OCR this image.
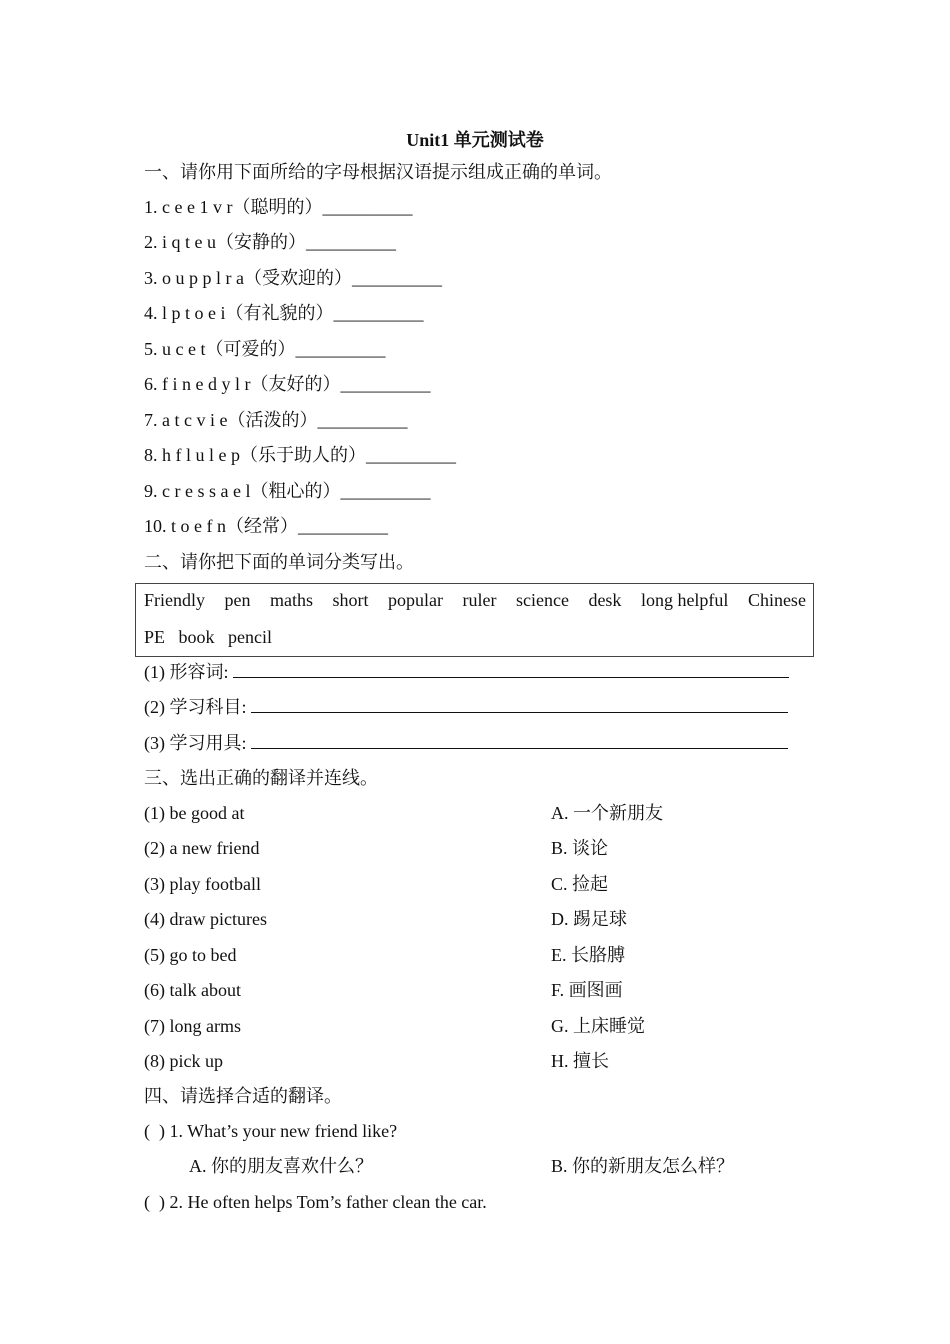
Unit1 单元测试卷
一、请你用下面所给的字母根据汉语提示组成正确的单词。
1. c e e 1 v r（聪明的）__________
2. i q t e u（安静的）__________
3. o u p p l r a（受欢迎的）__________
4. l p t o e i（有礼貌的）__________
5. u c e t（可爱的）__________
6. f i n e d y l r（友好的）__________
7. a t c v i e（活泼的）__________
8. h f l u l e p（乐于助人的）__________
9. c r e s s a e l（粗心的）__________
10. t o e f n（经常）__________
二、请你把下面的单词分类写出。
Friendly pen maths short popular ruler science desk long helpful Chinese
PE   book   pencil
(1) 形容词:
(2) 学习科目:
(3) 学习用具:
三、选出正确的翻译并连线。
(1) be good at	A. 一个新朋友
(2) a new friend	B. 谈论
(3) play football	C. 捡起
(4) draw pictures	D. 踢足球
(5) go to bed	E. 长胳膊
(6) talk about	F. 画图画
(7) long arms	G. 上床睡觉
(8) pick up	H. 擅长
四、请选择合适的翻译。
(  ) 1. What’s your new friend like?
A. 你的朋友喜欢什么？	B. 你的新朋友怎么样？
(  ) 2. He often helps Tom’s father clean the car.
